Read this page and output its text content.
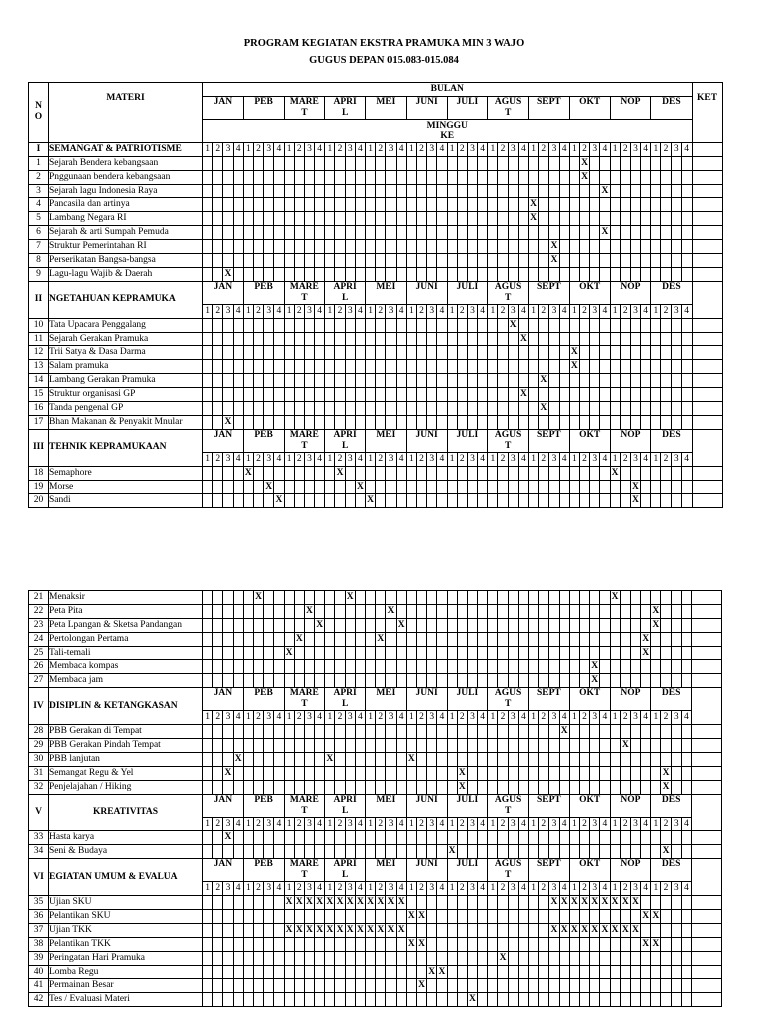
PROGRAM KEGIATAN EKSTRA PRAMUKA MIN 3 WAJO
GUGUS DEPAN 015.083-015.084
N
O	MATERI	BULAN																																																KET
		JAN				PEB				MARE
T				APRI
L				MEI				JUNI				JULI				AGUS
T				SEPT				OKT				NOP				DES				
		MINGGU
KE																																																
I	SEMANGAT & PATRIOTISME	1	2	3	4	1	2	3	4	1	2	3	4	1	2	3	4	1	2	3	4	1	2	3	4	1	2	3	4	1	2	3	4	1	2	3	4	1	2	3	4	1	2	3	4	1	2	3	4	
1	Sejarah Bendera kebangsaan																																						X											
2	Pnggunaan bendera kebangsaan																																						X											
3	Sejarah lagu Indonesia Raya																																								X									
4	Pancasila dan artinya																																	X																
5	Lambang Negara RI																																	X																
6	Sejarah & arti Sumpah Pemuda																																								X									
7	Struktur Pemerintahan RI																																			X														
8	Perserikatan Bangsa-bangsa																																			X														
9	Lagu-lagu Wajib & Daerah			X																																														
II	NGETAHUAN KEPRAMUKA	JAN				PEB				MARE
T				APRI
L				MEI				JUNI				JULI				AGUS
T				SEPT				OKT				NOP				DES				
		1	2	3	4	1	2	3	4	1	2	3	4	1	2	3	4	1	2	3	4	1	2	3	4	1	2	3	4	1	2	3	4	1	2	3	4	1	2	3	4	1	2	3	4	1	2	3	4	
10	Tata Upacara Penggalang																															X																		
11	Sejarah Gerakan Pramuka																																X																	
12	Trii Satya & Dasa Darma																																					X												
13	Salam pramuka																																					X												
14	Lambang Gerakan Pramuka																																		X															
15	Struktur organisasi GP																																X																	
16	Tanda pengenal GP																																		X															
17	Bhan Makanan & Penyakit Mnular			X																																														
III	TEHNIK KEPRAMUKAAN	JAN				PEB				MARE
T				APRI
L				MEI				JUNI				JULI				AGUS
T				SEPT				OKT				NOP				DES				
		1	2	3	4	1	2	3	4	1	2	3	4	1	2	3	4	1	2	3	4	1	2	3	4	1	2	3	4	1	2	3	4	1	2	3	4	1	2	3	4	1	2	3	4	1	2	3	4	
18	Semaphore					X									X																											X								
19	Morse							X									X																											X						
20	Sandi								X									X																										X						
21	Menaksir						X									X																										X								
22	Peta Pita											X								X																										X				
23	Peta Lpangan & Sketsa Pandangan												X								X																									X				
24	Pertolongan Pertama										X								X																										X					
25	Tali-temali									X																																			X					
26	Membaca kompas																																							X										
27	Membaca jam																																							X										
IV	DISIPLIN & KETANGKASAN	JAN				PEB				MARE
T				APRI
L				MEI				JUNI				JULI				AGUS
T				SEPT				OKT				NOP				DES				
		1	2	3	4	1	2	3	4	1	2	3	4	1	2	3	4	1	2	3	4	1	2	3	4	1	2	3	4	1	2	3	4	1	2	3	4	1	2	3	4	1	2	3	4	1	2	3	4	
28	PBB Gerakan di Tempat																																				X													
29	PBB Gerakan Pindah Tempat																																										X							
30	PBB lanjutan				X									X								X																												
31	Semangat Regu & Yel			X																							X																				X			
32	Penjelajahan / Hiking																										X																				X			
V	KREATIVITAS	JAN				PEB				MARE
T				APRI
L				MEI				JUNI				JULI				AGUS
T				SEPT				OKT				NOP				DES				
		1	2	3	4	1	2	3	4	1	2	3	4	1	2	3	4	1	2	3	4	1	2	3	4	1	2	3	4	1	2	3	4	1	2	3	4	1	2	3	4	1	2	3	4	1	2	3	4	
33	Hasta karya			X																																														
34	Seni & Budaya																									X																					X			
VI	EGIATAN UMUM & EVALUA	JAN				PEB				MARE
T				APRI
L				MEI				JUNI				JULI				AGUS
T				SEPT				OKT				NOP				DES				
		1	2	3	4	1	2	3	4	1	2	3	4	1	2	3	4	1	2	3	4	1	2	3	4	1	2	3	4	1	2	3	4	1	2	3	4	1	2	3	4	1	2	3	4	1	2	3	4	
35	Ujian SKU									X	X	X	X	X	X	X	X	X	X	X	X															X	X	X	X	X	X	X	X	X						
36	Pelantikan SKU																					X	X																						X	X				
37	Ujian TKK									X	X	X	X	X	X	X	X	X	X	X	X															X	X	X	X	X	X	X	X	X						
38	Pelantikan TKK																					X	X																						X	X				
39	Peringatan Hari Pramuka																														X																			
40	Lomba Regu																							X	X																									
41	Permainan Besar																						X																											
42	Tes / Evaluasi Materi																											X																						
